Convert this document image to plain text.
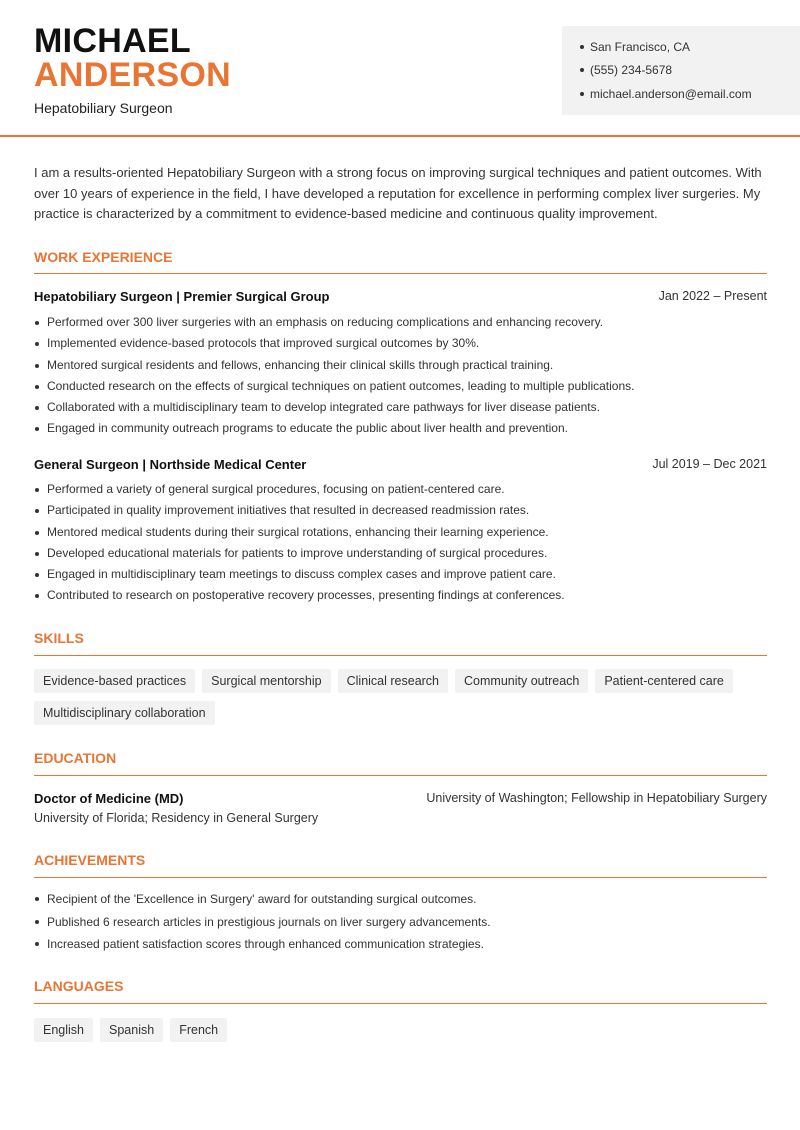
MICHAEL
ANDERSON
Hepatobiliary Surgeon
San Francisco, CA
(555) 234-5678
michael.anderson@email.com
I am a results-oriented Hepatobiliary Surgeon with a strong focus on improving surgical techniques and patient outcomes. With over 10 years of experience in the field, I have developed a reputation for excellence in performing complex liver surgeries. My practice is characterized by a commitment to evidence-based medicine and continuous quality improvement.
WORK EXPERIENCE
Hepatobiliary Surgeon | Premier Surgical Group	Jan 2022 – Present
Performed over 300 liver surgeries with an emphasis on reducing complications and enhancing recovery.
Implemented evidence-based protocols that improved surgical outcomes by 30%.
Mentored surgical residents and fellows, enhancing their clinical skills through practical training.
Conducted research on the effects of surgical techniques on patient outcomes, leading to multiple publications.
Collaborated with a multidisciplinary team to develop integrated care pathways for liver disease patients.
Engaged in community outreach programs to educate the public about liver health and prevention.
General Surgeon | Northside Medical Center	Jul 2019 – Dec 2021
Performed a variety of general surgical procedures, focusing on patient-centered care.
Participated in quality improvement initiatives that resulted in decreased readmission rates.
Mentored medical students during their surgical rotations, enhancing their learning experience.
Developed educational materials for patients to improve understanding of surgical procedures.
Engaged in multidisciplinary team meetings to discuss complex cases and improve patient care.
Contributed to research on postoperative recovery processes, presenting findings at conferences.
SKILLS
Evidence-based practices	Surgical mentorship	Clinical research	Community outreach	Patient-centered care
Multidisciplinary collaboration
EDUCATION
Doctor of Medicine (MD)	University of Washington; Fellowship in Hepatobiliary Surgery
University of Florida; Residency in General Surgery
ACHIEVEMENTS
Recipient of the 'Excellence in Surgery' award for outstanding surgical outcomes.
Published 6 research articles in prestigious journals on liver surgery advancements.
Increased patient satisfaction scores through enhanced communication strategies.
LANGUAGES
English	Spanish	French
